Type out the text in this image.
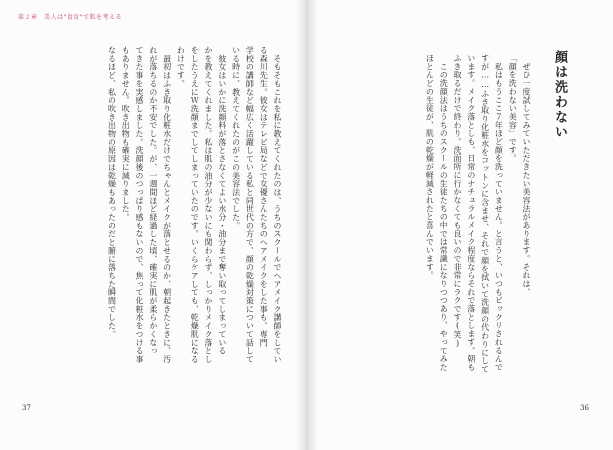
第２章　美人は"食育"で肌を考える

　そもそもこれを私に教えてくれたのは、うちのスクールでヘアメイク講師をしてい

る森川先生。彼女はテレビ局などで女優さんたちのヘアメイクをした事も。専門

学校の講師など幅広く活躍している私と同世代の方で、顔の乾燥対策について話して

いる時に、教えてくれたのがこの美容法でした。

　彼女はいかに洗顔料が落とさなくてよい水分・油分まで奪い取ってしまっている

かを教えてくれました。私は肌の油分が少ないにも関わらず、しっかりメイク落とし

をしたうえにＷ洗顔までしてしまっていたのです。いくらケアしても、乾燥肌になる

わけです。

　最初はふき取り化粧水だけでちゃんとメイクが落とせるのか、朝起きたときに、汚

れが落ちるのか不安でした。が、一週間ほど経過した頃、確実に肌が柔らかくなっ

てきた事を実感しました。洗顔後のつっぱり感もないので、焦って化粧水をつける事

もありません。吹き出物も確実に減りました。

なるほど、私の吹き出物の原因は乾燥もあったのだと腑に落ちた瞬間でした。	　ぜひ一度試してみていただきたい美容法があります。それは、

「顔を洗わない美容」です。

　私はもうここ７年ほど顔を洗っていません。と言うと、いつもビックリされるんで

すが……ふき取り化粧水をコットンに含ませ、それで顔を拭いて洗顔の代わりにして

います。メイク落としも、日常のナチュラルメイク程度ならそれで落とします。朝も

ふき取るだけで終わり。洗面所に行かなくても良いので非常にラクです(笑)

　この洗顔法はうちのスクールの生徒たちの中では常識になりつつあり、やってみた

ほとんどの生徒が、肌の乾燥が軽減されたと喜んでいます。	顔は洗わない
37	36
